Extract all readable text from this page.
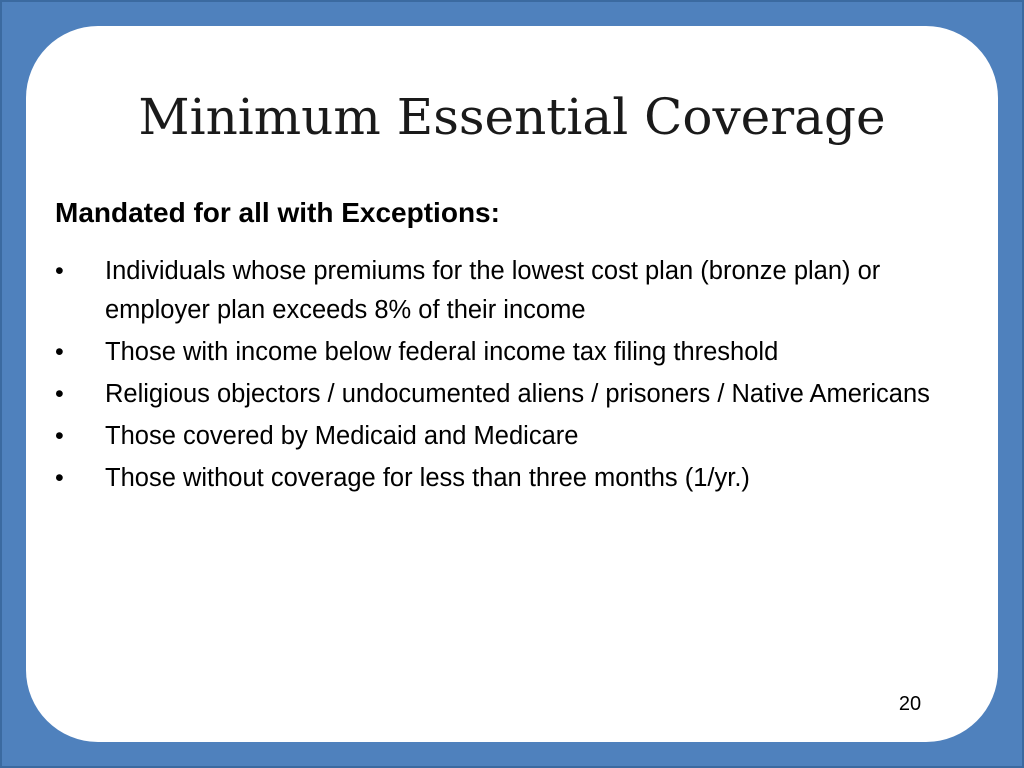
Minimum Essential Coverage

Mandated for all with Exceptions:

• Individuals whose premiums for the lowest cost plan (bronze plan) or employer plan exceeds 8% of their income
• Those with income below federal income tax filing threshold
• Religious objectors / undocumented aliens / prisoners / Native Americans
• Those covered by Medicaid and Medicare
• Those without coverage for less than three months (1/yr.)
20
